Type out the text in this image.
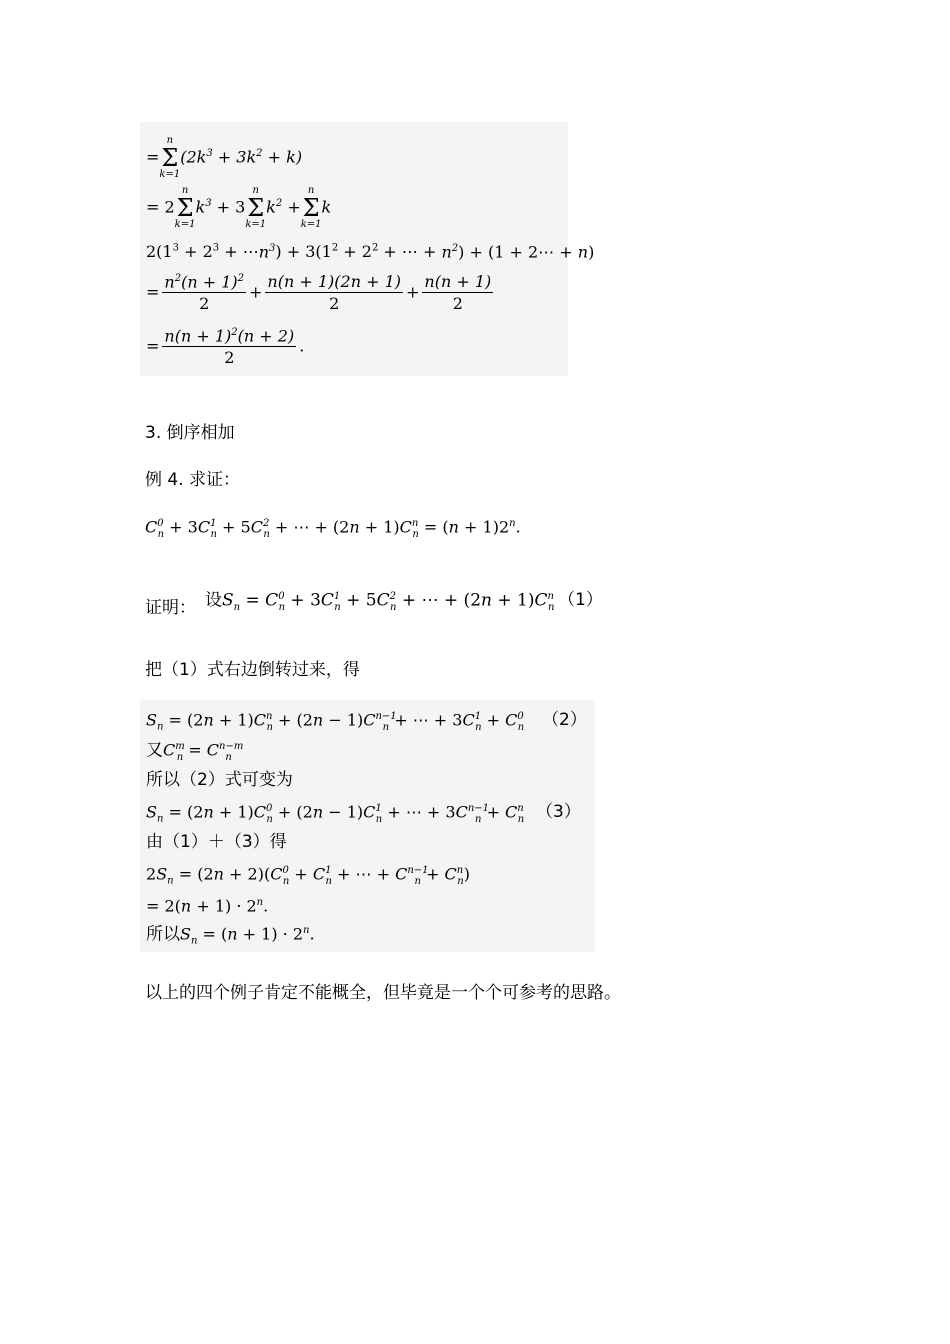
=
n
Σ
k=1
$(2k^3 + 3k^2 + k)$
= 2
n
Σ
k=1
$k^3 + 3$
n
Σ
k=1
$k^2$ +
n
Σ
k=1
k
$2(1^3 + 2^3$ + $\cdots n^3) + 3(1^2 + 2^2$ + ⋯ + $n^2) + (1$ + 2⋯ + n)
= $\frac{n^2(n + 1)^2}{2} + \frac{n(n + 1)(2n + 1)}{2} + \frac{n(n + 1)}{2}$
= $\frac{n(n + 1)^2(n + 2)}{2}$ .
3. 倒序相加
例 4. 求证：
$C^0_n + 3C^1_n + 5C^2_n$ + ⋯ + $(2n + 1)C^n_n = (n + 1)2^n$.
证明： 设$S_n = C^0_n + 3C^1_n + 5C^2_n$ + ⋯ + $(2n + 1)C^n_n$ （1）
把（1）式右边倒转过来，得
$S_n = (2n + 1)C^n_n + (2n - 1)C^{n-1}_n$ + ⋯ + $3C^1_n + C^0_n$ （2）
又$C^m_n = C^{n-m}_n$
所以（2）式可变为
$S_n = (2n + 1)C^0_n + (2n - 1)C^1_n$ + ⋯ + $3C^{n-1}_n + C^n_n$ （3）
由（1）＋（3）得
$2S_n = (2n + 2)(C^0_n + C^1_n$ + ⋯ + $C^{n-1}_n + C^n_n$)
= $2(n + 1) \cdot 2^n$.
所以$S_n = (n + 1) \cdot 2^n$.
以上的四个例子肯定不能概全，但毕竟是一个个可参考的思路。
